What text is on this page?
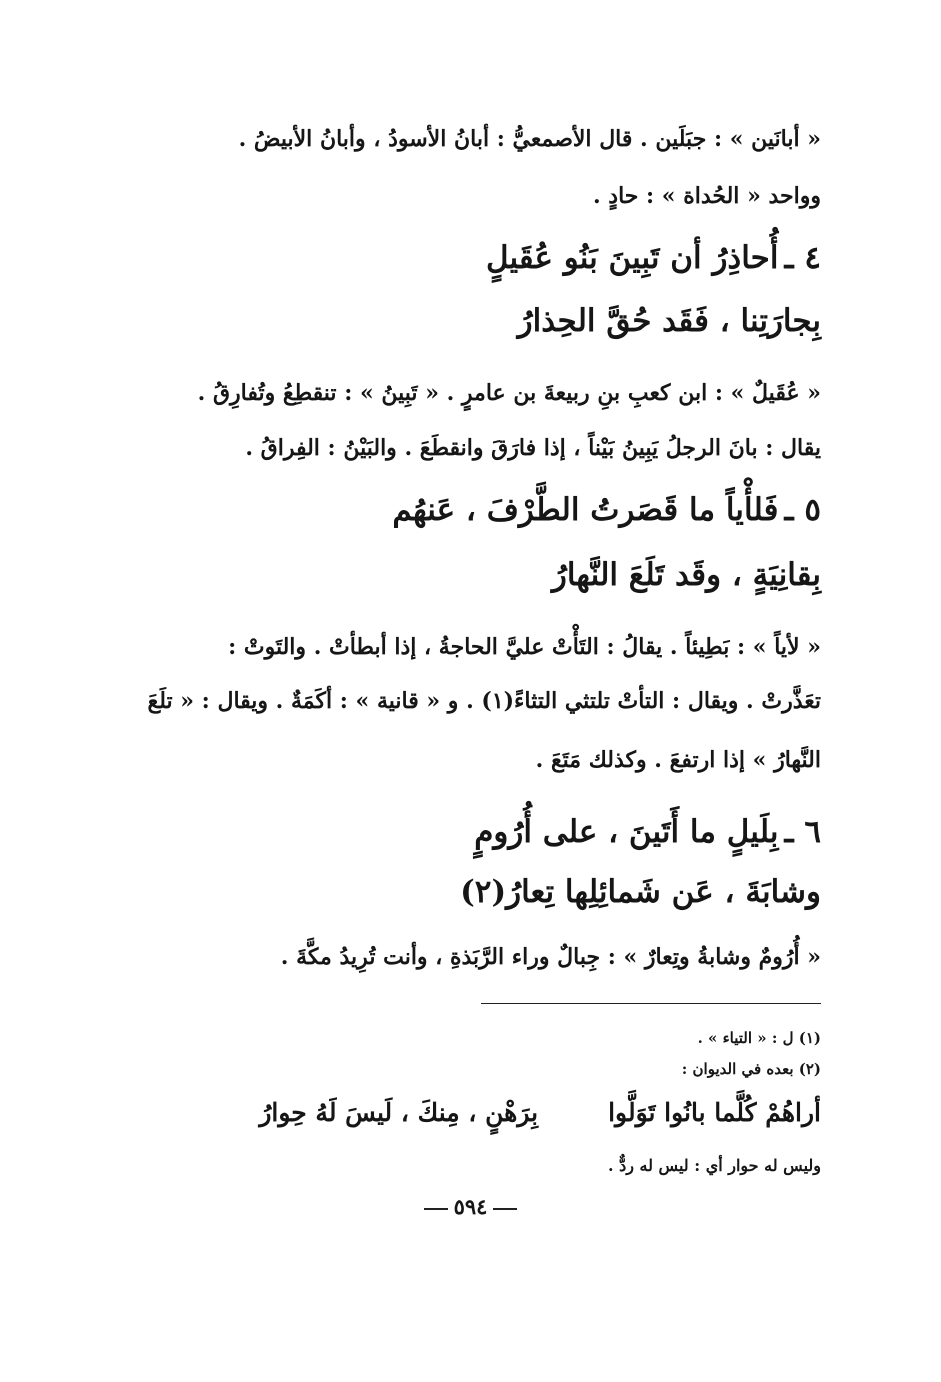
« أبانَين » : جبَلَين . قال الأصمعيُّ : أبانُ الأسودُ ، وأبانُ الأبيضُ .
وواحد « الحُداة » : حادٍ .
٤ ـأُحاذِرُ أن تَبِينَ بَنُو عُقَيلٍ
بِجارَتِنا ، فَقَد حُقَّ الحِذارُ
« عُقَيلٌ » : ابن كعبِ بنِ ربيعةَ بن عامرٍ . « تَبِينُ » : تنقطِعُ وتُفارِقُ .
يقال : بانَ الرجلُ يَبِينُ بَيْناً ، إذا فارَقَ وانقطَعَ . والبَيْنُ : الفِراقُ .
٥ ـفَلأْياً ما قَصَرتُ الطَّرْفَ ، عَنهُم
بِقانِيَةٍ ، وقَد تَلَعَ النَّهارُ
« لأياً » : بَطِيئاً . يقالُ : التَأْتْ عليَّ الحاجةُ ، إذا أبطأتْ . والتَوتْ :
تعَذَّرتْ . ويقال : التأتْ تلتثي التثاءً(١) . و « قانية » : أكَمَةٌ . ويقال : « تلَعَ
النَّهارُ » إذا ارتفعَ . وكذلك مَتَعَ .
٦ ـبِلَيلٍ ما أَتَينَ ، على أُرُومٍ
وشابَةَ ، عَن شَمائِلِها تِعارُ(٢)
« أُرُومٌ وشابةُ وتِعارٌ » : جِبالٌ وراء الرَّبَذةِ ، وأنت تُرِيدُ مكَّةَ .
(١) ل : « التياء » .
(٢) بعده في الديوان :
أراهُمْ كُلَّما بانُوا تَوَلَّوابِرَهْنٍ ، مِنكَ ، لَيسَ لَهُ حِوارُ
وليس له حوار أي : ليس له ردٌّ .
٥٩٤
